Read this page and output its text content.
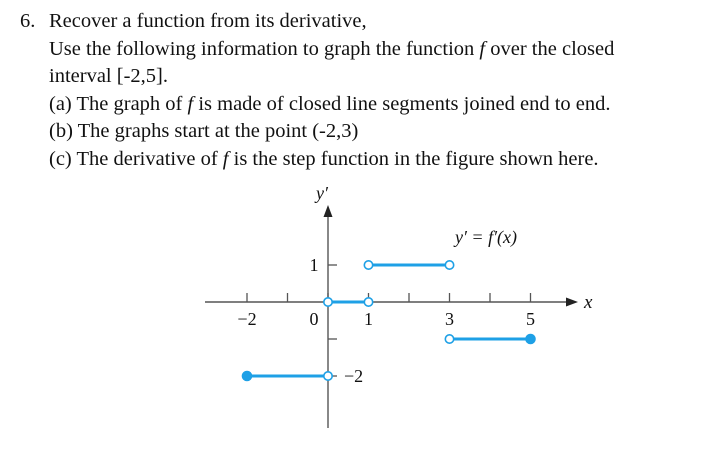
6. Recover a function from its derivative,
Use the following information to graph the function f over the closed
interval [-2,5].
(a) The graph of f is made of closed line segments joined end to end.
(b) The graphs start at the point (-2,3)
(c) The derivative of f is the step function in the figure shown here.
y′
x
y′ = f′(x)
−2	0	1	3	5
1
−2
